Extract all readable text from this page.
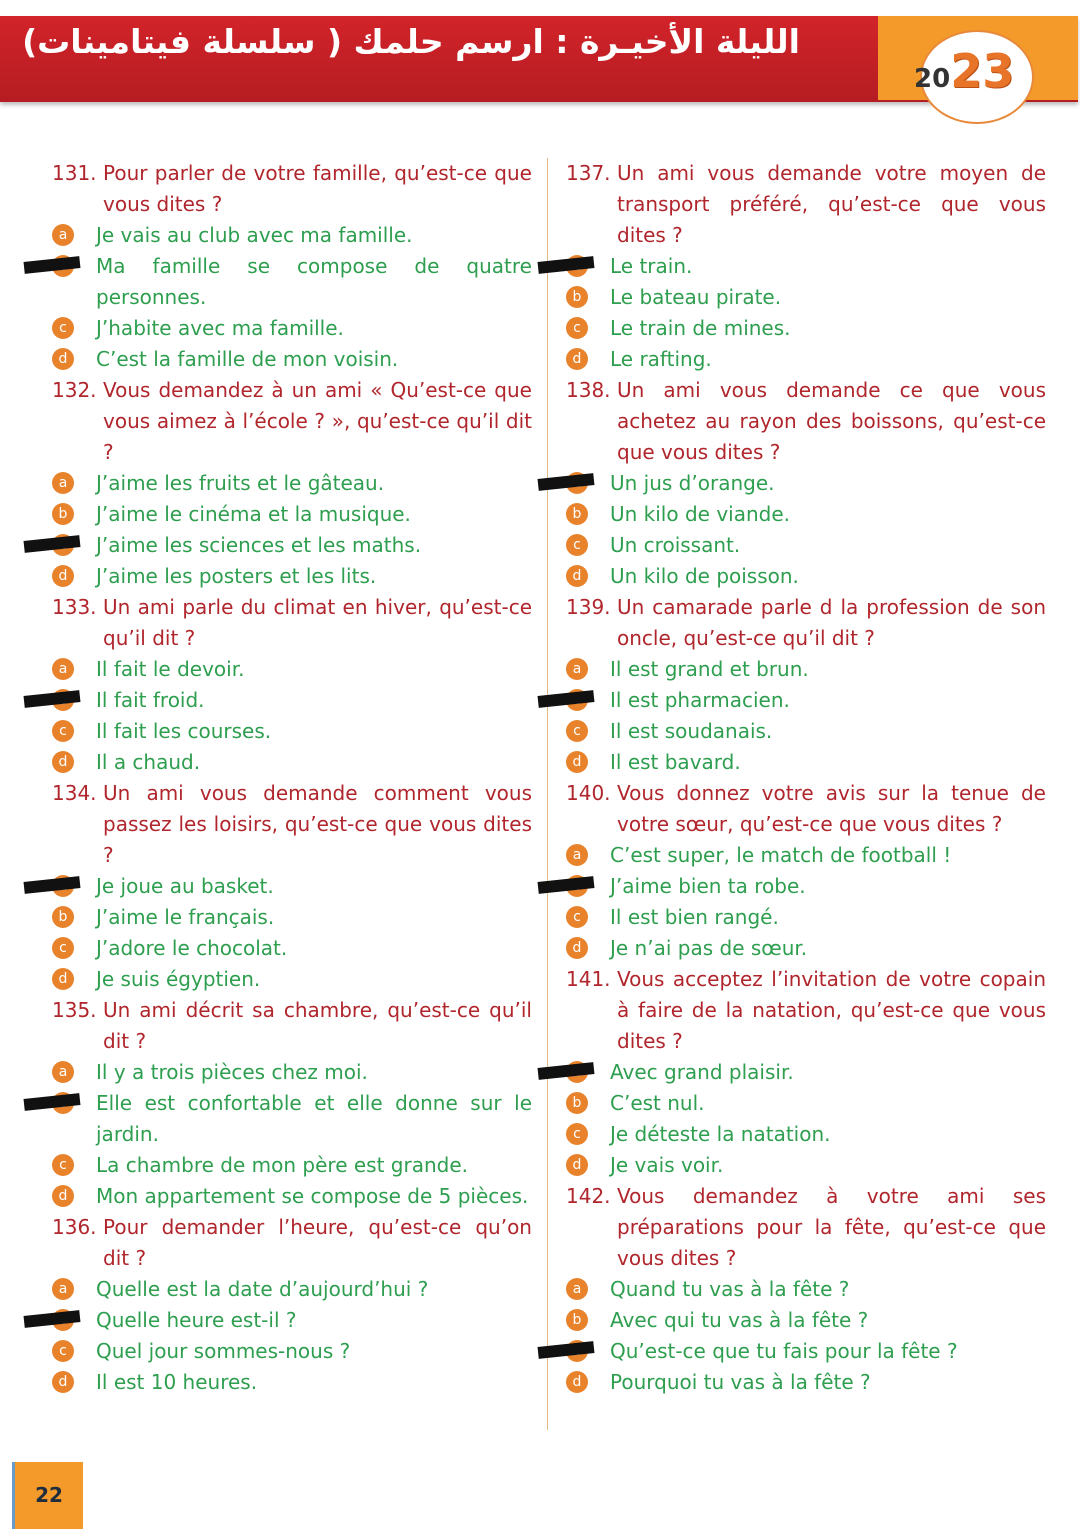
الليلة الأخيـرة : ارسم حلمك ( سلسلة فيتامينات)
2023
131. Pour parler de votre famille, qu’est-ce que vous dites ?
a	Je vais au club avec ma famille.
Ma famille se compose de quatre personnes.
c	J’habite avec ma famille.
d	C’est la famille de mon voisin.
132. Vous demandez à un ami « Qu’est-ce que vous aimez à l’école ? », qu’est-ce qu’il dit ?
a	J’aime les fruits et le gâteau.
b	J’aime le cinéma et la musique.
J’aime les sciences et les maths.
d	J’aime les posters et les lits.
133. Un ami parle du climat en hiver, qu’est-ce qu’il dit ?
a	Il fait le devoir.
Il fait froid.
c	Il fait les courses.
d	Il a chaud.
134. Un ami vous demande comment vous passez les loisirs, qu’est-ce que vous dites ?
Je joue au basket.
b	J’aime le français.
c	J’adore le chocolat.
d	Je suis égyptien.
135. Un ami décrit sa chambre, qu’est-ce qu’il dit ?
a	Il y a trois pièces chez moi.
Elle est confortable et elle donne sur le jardin.
c	La chambre de mon père est grande.
d	Mon appartement se compose de 5 pièces.
136. Pour demander l’heure, qu’est-ce qu’on dit ?
a	Quelle est la date d’aujourd’hui ?
Quelle heure est-il ?
c	Quel jour sommes-nous ?
d	Il est 10 heures.
137. Un ami vous demande votre moyen de transport préféré, qu’est-ce que vous dites ?
Le train.
b	Le bateau pirate.
c	Le train de mines.
d	Le rafting.
138. Un ami vous demande ce que vous achetez au rayon des boissons, qu’est-ce que vous dites ?
Un jus d’orange.
b	Un kilo de viande.
c	Un croissant.
d	Un kilo de poisson.
139. Un camarade parle d la profession de son oncle, qu’est-ce qu’il dit ?
a	Il est grand et brun.
Il est pharmacien.
c	Il est soudanais.
d	Il est bavard.
140. Vous donnez votre avis sur la tenue de votre sœur, qu’est-ce que vous dites ?
a	C’est super, le match de football !
J’aime bien ta robe.
c	Il est bien rangé.
d	Je n’ai pas de sœur.
141. Vous acceptez l’invitation de votre copain à faire de la natation, qu’est-ce que vous dites ?
Avec grand plaisir.
b	C’est nul.
c	Je déteste la natation.
d	Je vais voir.
142. Vous demandez à votre ami ses préparations pour la fête, qu’est-ce que vous dites ?
a	Quand tu vas à la fête ?
b	Avec qui tu vas à la fête ?
Qu’est-ce que tu fais pour la fête ?
d	Pourquoi tu vas à la fête ?
22
